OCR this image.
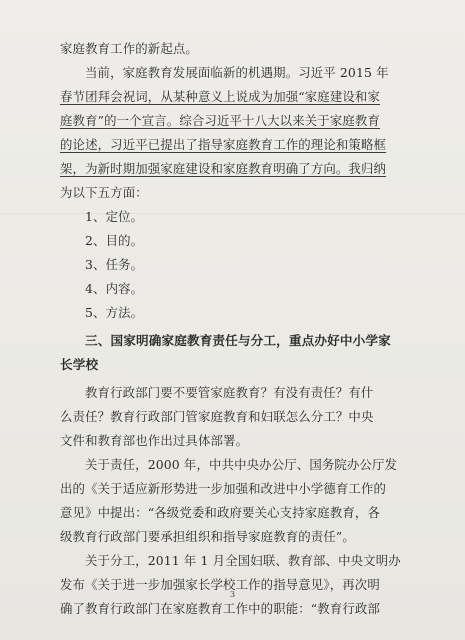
家庭教育工作的新起点。
当前，家庭教育发展面临新的机遇期。习近平 2015 年
春节团拜会祝词，从某种意义上说成为加强“家庭建设和家
庭教育”的一个宣言。综合习近平十八大以来关于家庭教育
的论述，习近平已提出了指导家庭教育工作的理论和策略框
架，为新时期加强家庭建设和家庭教育明确了方向。我归纳
为以下五方面：
1、定位。
2、目的。
3、任务。
4、内容。
5、方法。
三、国家明确家庭教育责任与分工，重点办好中小学家
长学校
教育行政部门要不要管家庭教育？有没有责任？有什
么责任？教育行政部门管家庭教育和妇联怎么分工？中央
文件和教育部也作出过具体部署。
关于责任，2000 年，中共中央办公厅、国务院办公厅发
出的《关于适应新形势进一步加强和改进中小学德育工作的
意见》中提出：“各级党委和政府要关心支持家庭教育，各
级教育行政部门要承担组织和指导家庭教育的责任”。
关于分工，2011 年 1 月全国妇联、教育部、中央文明办
发布《关于进一步加强家长学校工作的指导意见》，再次明
确了教育行政部门在家庭教育工作中的职能：“教育行政部
3
